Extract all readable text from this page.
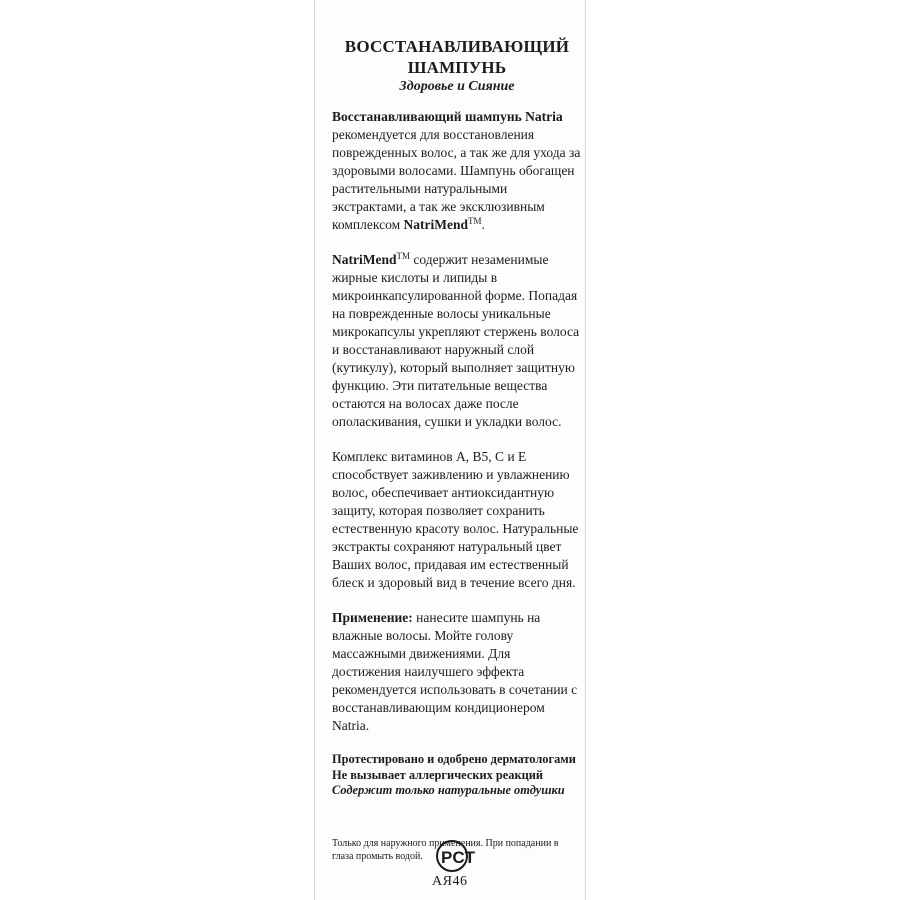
ВОССТАНАВЛИВАЮЩИЙ
ШАМПУНЬ
Здоровье и Сияние

Восстанавливающий шампунь Natria рекомендуется для восстановления поврежденных волос, а так же для ухода за здоровыми волосами. Шампунь обогащен растительными натуральными экстрактами, а так же эксклюзивным комплексом NatriMend™.

NatriMend™ содержит незаменимые жирные кислоты и липиды в микроинкапсулированной форме. Попадая на поврежденные волосы уникальные микрокапсулы укрепляют стержень волоса и восстанавливают наружный слой (кутикулу), который выполняет защитную функцию. Эти питательные вещества остаются на волосах даже после ополаскивания, сушки и укладки волос.

Комплекс витаминов А, B5, С и Е способствует заживлению и увлажнению волос, обеспечивает антиоксидантную защиту, которая позволяет сохранить естественную красоту волос. Натуральные экстракты сохраняют натуральный цвет Ваших волос, придавая им естественный блеск и здоровый вид в течение всего дня.

Применение: нанесите шампунь на влажные волосы. Мойте голову массажными движениями. Для достижения наилучшего эффекта рекомендуется использовать в сочетании с восстанавливающим кондиционером Natria.

Протестировано и одобрено дерматологами
Не вызывает аллергических реакций
Содержит только натуральные отдушки
Только для наружного применения. При попадании в глаза промыть водой.	PCT
АЯ46
